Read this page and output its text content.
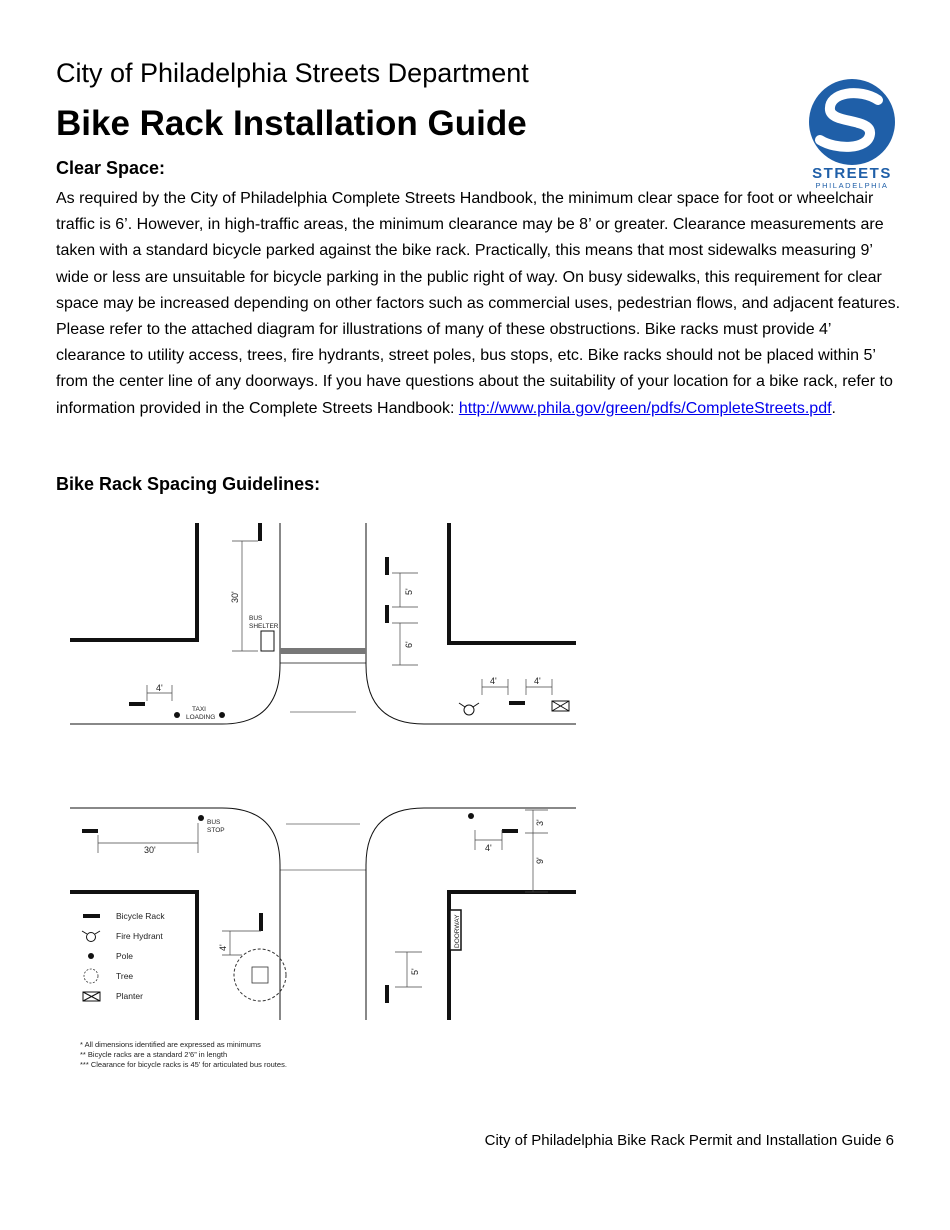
City of Philadelphia Streets Department
Bike Rack Installation Guide
STREETS
PHILADELPHIA
Clear Space:
As required by the City of Philadelphia Complete Streets Handbook, the minimum clear space for foot or wheelchair traffic is 6’. However, in high-traffic areas, the minimum clearance may be 8’ or greater. Clearance measurements are taken with a standard bicycle parked against the bike rack. Practically, this means that most sidewalks measuring 9’ wide or less are unsuitable for bicycle parking in the public right of way. On busy sidewalks, this requirement for clear space may be increased depending on other factors such as commercial uses, pedestrian flows, and adjacent features. Please refer to the attached diagram for illustrations of many of these obstructions. Bike racks must provide 4’ clearance to utility access, trees, fire hydrants, street poles, bus stops, etc. Bike racks should not be placed within 5’ from the center line of any doorways. If you have questions about the suitability of your location for a bike rack, refer to information provided in the Complete Streets Handbook: http://www.phila.gov/green/pdfs/CompleteStreets.pdf.
Bike Rack Spacing Guidelines:
BUS
SHELTER
30'	5'
6'
TAXI
LOADING
4'
4'	4'
BUS
STOP
30'	4'
3'
9'
DOORWAY
5'
4'
Bicycle Rack
Fire Hydrant
Pole
Tree
Planter
* All dimensions identified are expressed as minimums
** Bicycle racks are a standard 2’6” in length
*** Clearance for bicycle racks is 45’ for articulated bus routes.
City of Philadelphia Bike Rack Permit and Installation Guide 6
